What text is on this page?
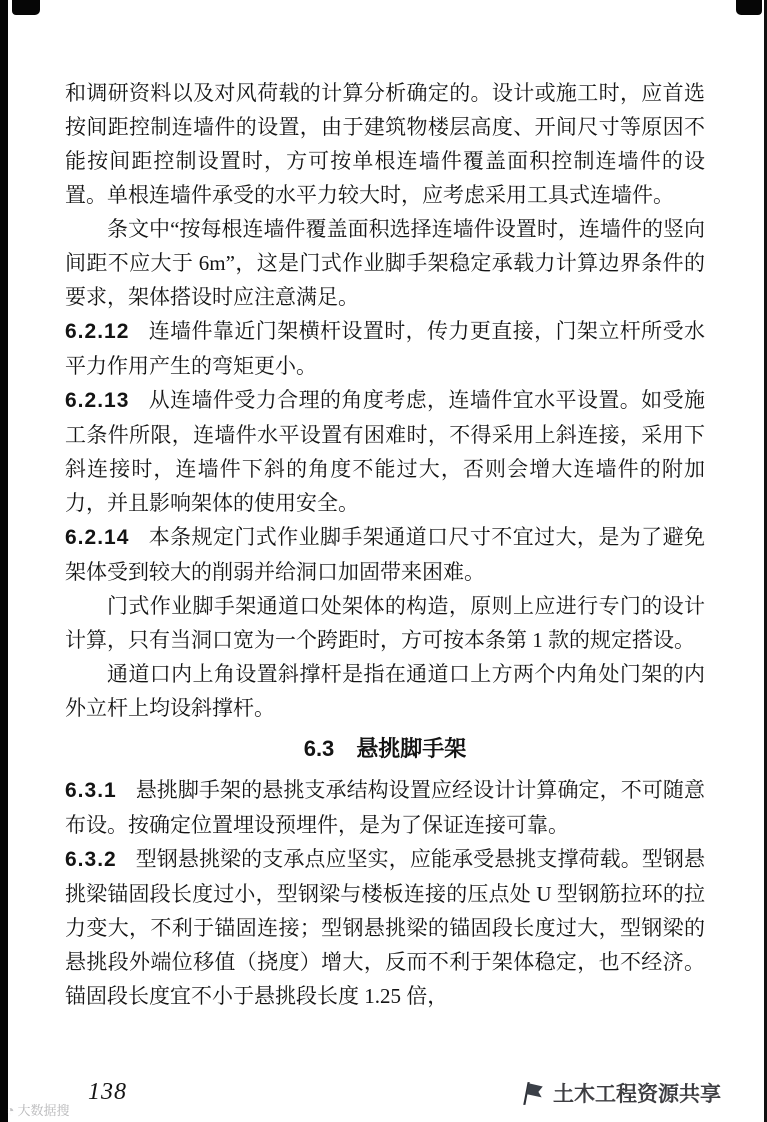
和调研资料以及对风荷载的计算分析确定的。设计或施工时，应首选按间距控制连墙件的设置，由于建筑物楼层高度、开间尺寸等原因不能按间距控制设置时，方可按单根连墙件覆盖面积控制连墙件的设置。单根连墙件承受的水平力较大时，应考虑采用工具式连墙件。

条文中“按每根连墙件覆盖面积选择连墙件设置时，连墙件的竖向间距不应大于 6m”，这是门式作业脚手架稳定承载力计算边界条件的要求，架体搭设时应注意满足。

6.2.12 连墙件靠近门架横杆设置时，传力更直接，门架立杆所受水平力作用产生的弯矩更小。

6.2.13 从连墙件受力合理的角度考虑，连墙件宜水平设置。如受施工条件所限，连墙件水平设置有困难时，不得采用上斜连接，采用下斜连接时，连墙件下斜的角度不能过大，否则会增大连墙件的附加力，并且影响架体的使用安全。

6.2.14 本条规定门式作业脚手架通道口尺寸不宜过大，是为了避免架体受到较大的削弱并给洞口加固带来困难。

门式作业脚手架通道口处架体的构造，原则上应进行专门的设计计算，只有当洞口宽为一个跨距时，方可按本条第 1 款的规定搭设。

通道口内上角设置斜撑杆是指在通道口上方两个内角处门架的内外立杆上均设斜撑杆。

6.3　悬挑脚手架

6.3.1 悬挑脚手架的悬挑支承结构设置应经设计计算确定，不可随意布设。按确定位置埋设预埋件，是为了保证连接可靠。

6.3.2 型钢悬挑梁的支承点应坚实，应能承受悬挑支撑荷载。型钢悬挑梁锚固段长度过小，型钢梁与楼板连接的压点处 U 型钢筋拉环的拉力变大，不利于锚固连接；型钢悬挑梁的锚固段长度过大，型钢梁的悬挑段外端位移值（挠度）增大，反而不利于架体稳定，也不经济。锚固段长度宜不小于悬挑段长度 1.25 倍，

138
◔ 大数据搜
土木工程资源共享
